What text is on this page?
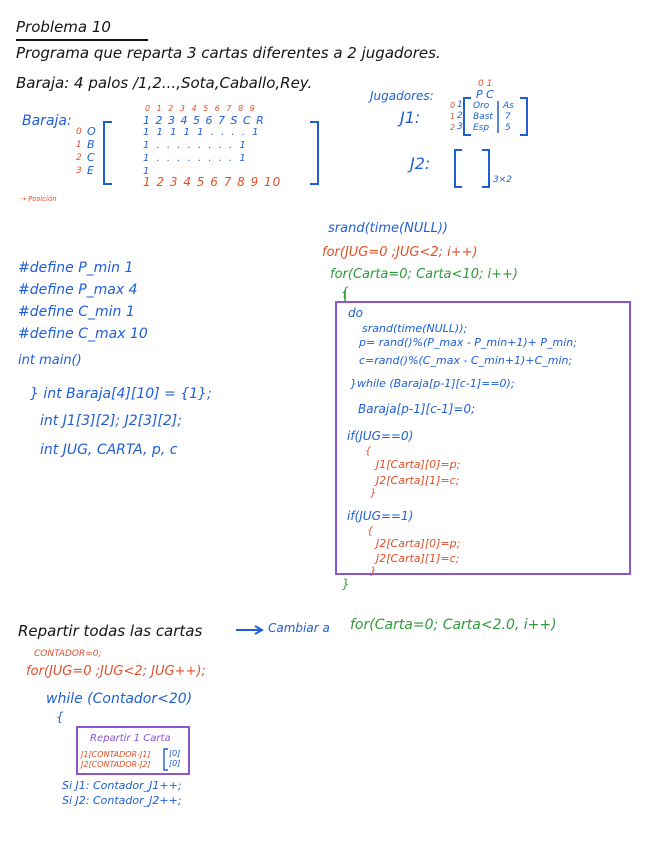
Problema 10
Programa que reparta 3 cartas diferentes a 2 jugadores.
Baraja: 4 palos /1,2...,Sota,Caballo,Rey.
Baraja:
0 1 2 3 4 5 6 7 8 9
1 2 3 4 5 6 7 S C R
0
1
2
3
O
B
C
E
1 1 1 1 1 . . . . 1
1 . . . . . . . . 1
1 . . . . . . . . 1
1
1 2 3 4 5 6 7 8 9 10
⇢ Posición
Jugadores:
0 1
P C
J1:
0
1
2
1
2
3
Oro
Bast
Esp
As
7
5
J2:
3×2
#define P_min 1
#define P_max 4
#define C_min 1
#define C_max 10
int main()
} int Baraja[4][10] = {1};
int J1[3][2]; J2[3][2];
int JUG, CARTA, p, c
srand(time(NULL))
for(JUG=0 ;JUG<2; i++)
for(Carta=0; Carta<10; i++)
{
do
srand(time(NULL));
p= rand()%(P_max - P_min+1)+ P_min;
c=rand()%(C_max - C_min+1)+C_min;
}while (Baraja[p-1][c-1]==0);
Baraja[p-1][c-1]=0;
if(JUG==0)
{
J1[Carta][0]=p;
J2[Carta][1]=c;
}
if(JUG==1)
{
J2[Carta][0]=p;
J2[Carta][1]=c;
}
}
Repartir todas las cartas	Cambiar a for(Carta=0; Carta<2.0, i++)
CONTADOR=0;
for(JUG=0 ;JUG<2; JUG++);
while (Contador<20)
{
Repartir 1 Carta
J1[CONTADOR-J1]
J2[CONTADOR-J2]
[0]
[0]
Si J1: Contador_J1++;
Si J2: Contador_J2++;
